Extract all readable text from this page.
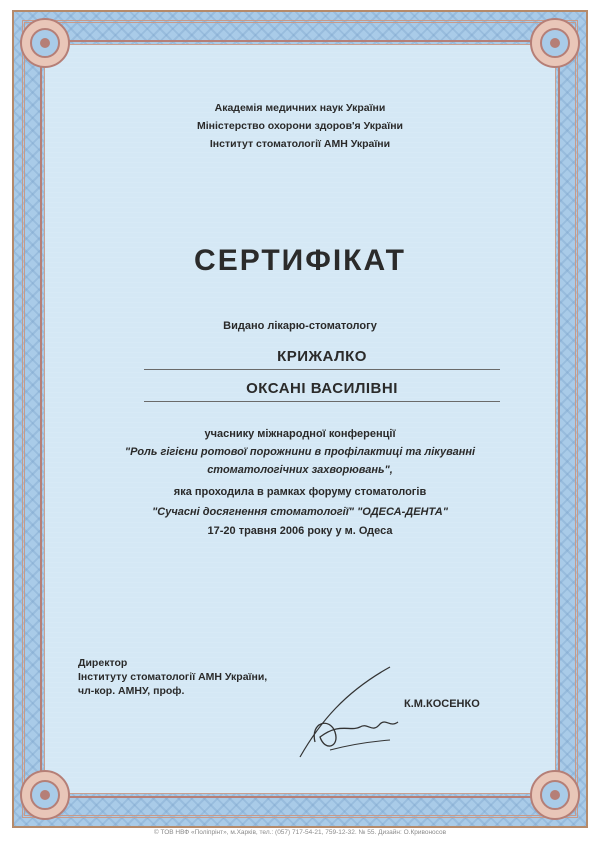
Академія медичних наук України
Міністерство охорони здоров'я України
Інститут стоматології АМН України
СЕРТИФІКАТ
Видано лікарю-стоматологу
КРИЖАЛКО
ОКСАНІ ВАСИЛІВНІ
учаснику міжнародної конференції
"Роль гігієни ротової порожнини в профілактиці та лікуванні
стоматологічних захворювань",
яка проходила в рамках форуму стоматологів
"Сучасні досягнення стоматології" "ОДЕСА-ДЕНТА"
17-20 травня 2006 року у м. Одеса
Директор
Інституту стоматології АМН України,
чл-кор. АМНУ, проф.
К.М.КОСЕНКО
© ТОВ НВФ «Поліпрінт», м.Харків, тел.: (057) 717-54-21, 759-12-32. № 55. Дизайн: О.Кривоносов
